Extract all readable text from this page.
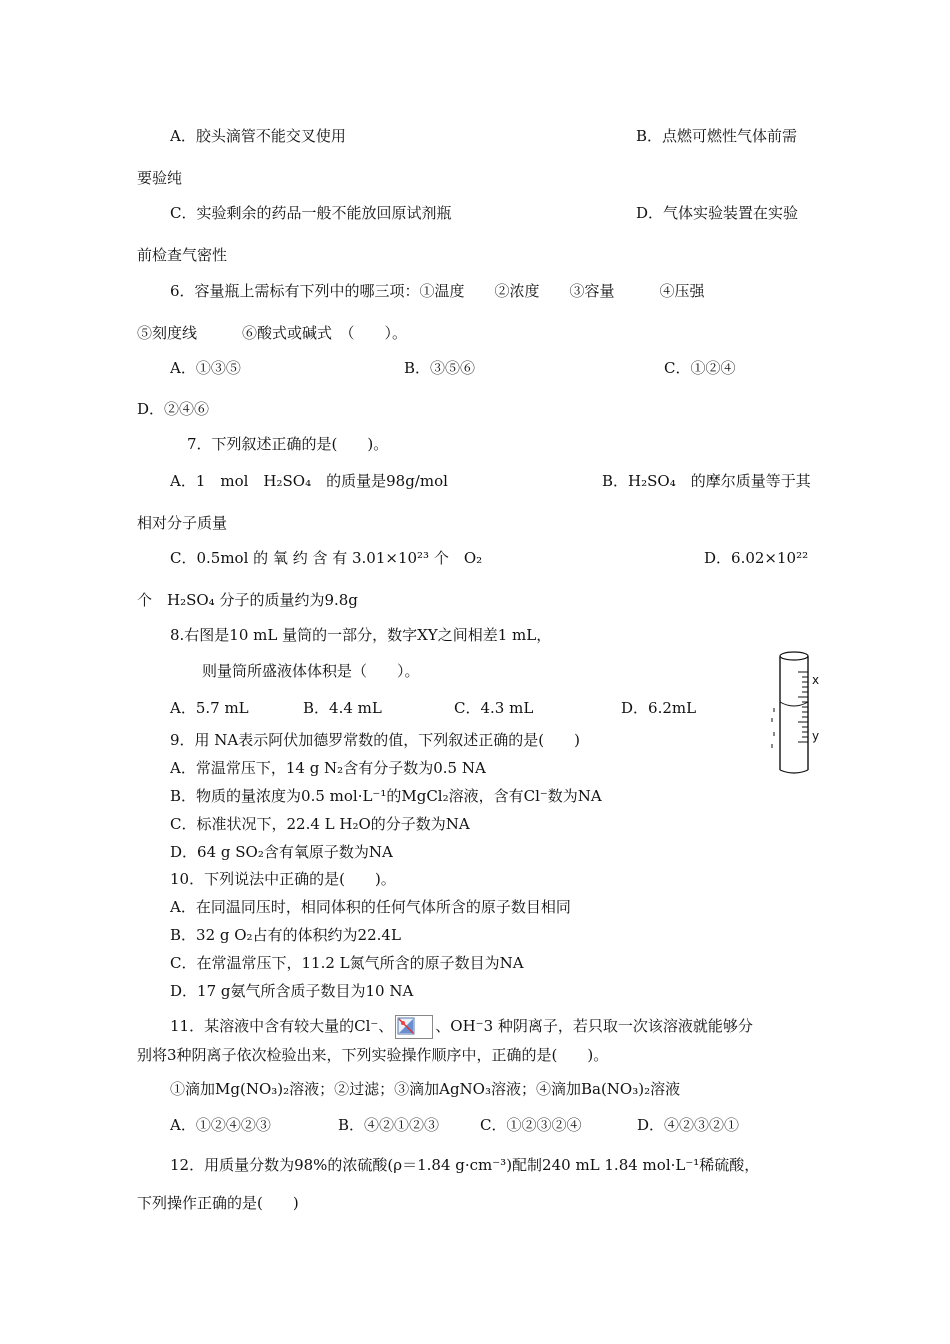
A．胶头滴管不能交叉使用	B．点燃可燃性气体前需
要验纯
C．实验剩余的药品一般不能放回原试剂瓶	D．气体实验装置在实验
前检查气密性
6．容量瓶上需标有下列中的哪三项：①温度　　②浓度　　③容量　　　④压强
⑤刻度线　　　⑥酸式或碱式　（　　）。
A．①③⑤	B．③⑤⑥	C．①②④
D．②④⑥
7．下列叙述正确的是(　　)。
A．1　mol　H₂SO₄　的质量是98g/mol	B．H₂SO₄　的摩尔质量等于其
相对分子质量
C．0.5mol 的 氧 约 含 有 3.01×10²³ 个　O₂	D．6.02×10²²
个　H₂SO₄ 分子的质量约为9.8g
8.右图是10 mL 量筒的一部分，数字XY之间相差1 mL，
则量筒所盛液体体积是（　　）。
A．5.7 mL	B．4.4 mL	C．4.3 mL	D．6.2mL
x
y
9．用 NA表示阿伏加德罗常数的值，下列叙述正确的是(　　)
A．常温常压下，14 g N₂含有分子数为0.5 NA
B．物质的量浓度为0.5 mol·L⁻¹的MgCl₂溶液，含有Cl⁻数为NA
C．标准状况下，22.4 L H₂O的分子数为NA
D．64 g SO₂含有氧原子数为NA
10．下列说法中正确的是(　　)。
A．在同温同压时，相同体积的任何气体所含的原子数目相同
B．32 g O₂占有的体积约为22.4L
C．在常温常压下，11.2 L氮气所含的原子数目为NA
D．17 g氨气所含质子数目为10 NA
11．某溶液中含有较大量的Cl⁻、	、OH⁻3 种阴离子，若只取一次该溶液就能够分
别将3种阴离子依次检验出来，下列实验操作顺序中，正确的是(　　)。
①滴加Mg(NO₃)₂溶液；②过滤；③滴加AgNO₃溶液；④滴加Ba(NO₃)₂溶液
A．①②④②③	B．④②①②③	C．①②③②④	D．④②③②①
12．用质量分数为98%的浓硫酸(ρ＝1.84 g·cm⁻³)配制240 mL 1.84 mol·L⁻¹稀硫酸，
下列操作正确的是(　　)
